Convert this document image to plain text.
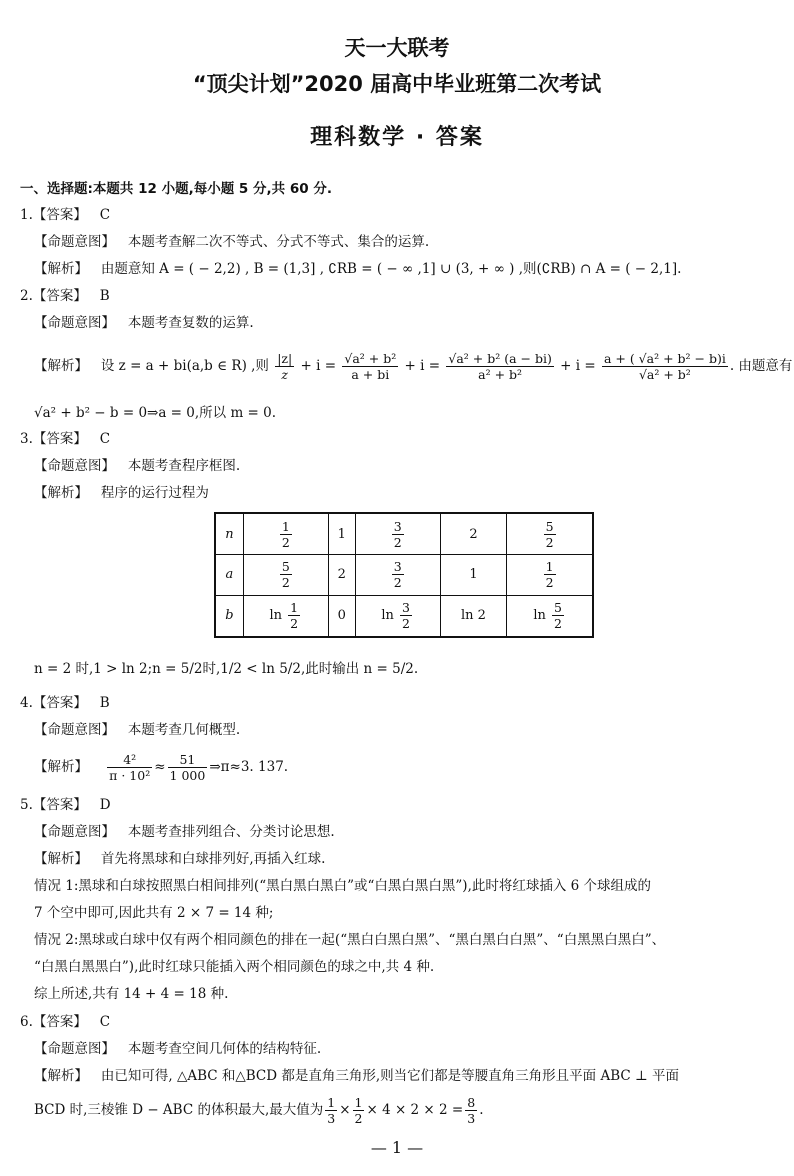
天一大联考
“顶尖计划”2020 届高中毕业班第二次考试
理科数学 · 答案
一、选择题:本题共 12 小题,每小题 5 分,共 60 分.
1.【答案】 C
【命题意图】 本题考查解二次不等式、分式不等式、集合的运算.
【解析】 由题意知 A = ( − 2,2) , B = (1,3] , ∁RB = ( − ∞ ,1] ∪ (3, + ∞ ) ,则(∁RB) ∩ A = ( − 2,1].
2.【答案】 B
【命题意图】 本题考查复数的运算.
【解析】 设 z = a + bi(a,b ∈ R) ,则 $\frac{|z|}{z} + i = \frac{\text{√a² + b²}}{a + bi} + i = \frac{\text{√a² + b² (a − bi)}}{\text{a² + b²}} + i = \frac{\text{a + ( √a² + b² − b)i}}{\text{√a² + b²}}$ . 由题意有
√a² + b² − b = 0⇒a = 0,所以 m = 0.
3.【答案】 C
【命题意图】 本题考查程序框图.
【解析】 程序的运行过程为
n	$\frac{1}{2}$	1	$\frac{3}{2}$	2	$\frac{5}{2}$

a	$\frac{5}{2}$	2	$\frac{3}{2}$	1	$\frac{1}{2}$

b	$\ln \frac{1}{2}$	0	$\ln \frac{3}{2}$	ln 2	$\ln \frac{5}{2}$
n = 2 时,1 > ln 2;n = 5/2时,1/2 < ln 5/2,此时输出 n = 5/2.
4.【答案】 B
【命题意图】 本题考查几何概型.
【解析】 $\frac{\text{4²}}{\text{π · 10²}} \approx \frac{51}{1 000}$ ⇒π≈3. 137.
5.【答案】 D
【命题意图】 本题考查排列组合、分类讨论思想.
【解析】 首先将黑球和白球排列好,再插入红球.
情况 1:黑球和白球按照黑白相间排列(“黑白黑白黑白”或“白黑白黑白黑”),此时将红球插入 6 个球组成的
7 个空中即可,因此共有 2 × 7 = 14 种;
情况 2:黑球或白球中仅有两个相同颜色的排在一起(“黑白白黑白黑”、“黑白黑白白黑”、“白黑黑白黑白”、
“白黑白黑黑白”),此时红球只能插入两个相同颜色的球之中,共 4 种.
综上所述,共有 14 + 4 = 18 种.
6.【答案】 C
【命题意图】 本题考查空间几何体的结构特征.
【解析】 由已知可得, △ABC 和△BCD 都是直角三角形,则当它们都是等腰直角三角形且平面 ABC ⊥ 平面
BCD 时,三棱锥 D − ABC 的体积最大,最大值为 $\frac{1}{3} \times \frac{1}{2} \times 4 \times 2 \times 2 = \frac{8}{3}$ .
— 1 —
